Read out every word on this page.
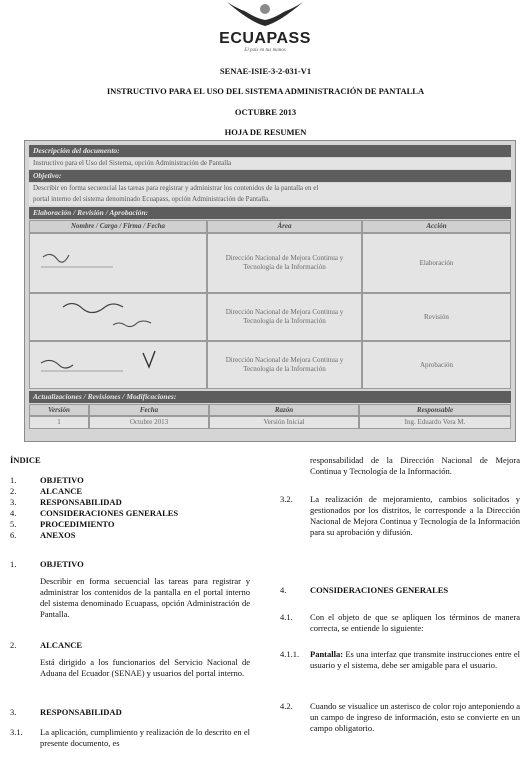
ECUAPASS
El país en tus manos
SENAE-ISIE-3-2-031-V1
INSTRUCTIVO PARA EL USO DEL SISTEMA ADMINISTRACIÓN DE PANTALLA
OCTUBRE 2013
HOJA DE RESUMEN
Descripción del documento:
Instructivo para el Uso del Sistema, opción Administración de Pantalla
Objetivo:
Describir en forma secuencial las tareas para registrar y administrar los contenidos de la pantalla en el
portal interno del sistema denominado Ecuapass, opción Administración de Pantalla.
Elaboración / Revisión / Aprobación:
Nombre / Cargo / Firma / Fecha	Área	Acción
Dirección Nacional de Mejora Continua y Tecnología de la Información
Elaboración
Dirección Nacional de Mejora Continua y Tecnología de la Información
Revisión
Dirección Nacional de Mejora Continua y Tecnología de la Información
Aprobación
Actualizaciones / Revisiones / Modificaciones:
Versión	Fecha	Razón	Responsable
1	Octubre 2013	Versión Inicial	Ing. Eduardo Vera M.
ÍNDICE
1.	OBJETIVO
2.	ALCANCE
3.	RESPONSABILIDAD
4.	CONSIDERACIONES GENERALES
5.	PROCEDIMIENTO
6.	ANEXOS
1.	OBJETIVO
Describir en forma secuencial las tareas para registrar y administrar los contenidos de la pantalla en el portal interno del sistema denominado Ecuapass, opción Administración de Pantalla.
2.	ALCANCE
Está dirigido a los funcionarios del Servicio Nacional de Aduana del Ecuador (SENAE) y usuarios del portal interno.
3.	RESPONSABILIDAD
3.1. La aplicación, cumplimiento y realización de lo descrito en el presente documento, es
responsabilidad de la Dirección Nacional de Mejora Continua y Tecnología de la Información.
3.2. La realización de mejoramiento, cambios solicitados y gestionados por los distritos, le corresponde a la Dirección Nacional de Mejora Continua y Tecnología de la Información para su aprobación y difusión.
4.	CONSIDERACIONES GENERALES
4.1. Con el objeto de que se apliquen los términos de manera correcta, se entiende lo siguiente:
4.1.1. Pantalla: Es una interfaz que transmite instrucciones entre el usuario y el sistema, debe ser amigable para el usuario.
4.2. Cuando se visualice un asterisco de color rojo anteponiendo a un campo de ingreso de información, esto se convierte en un campo obligatorio.
